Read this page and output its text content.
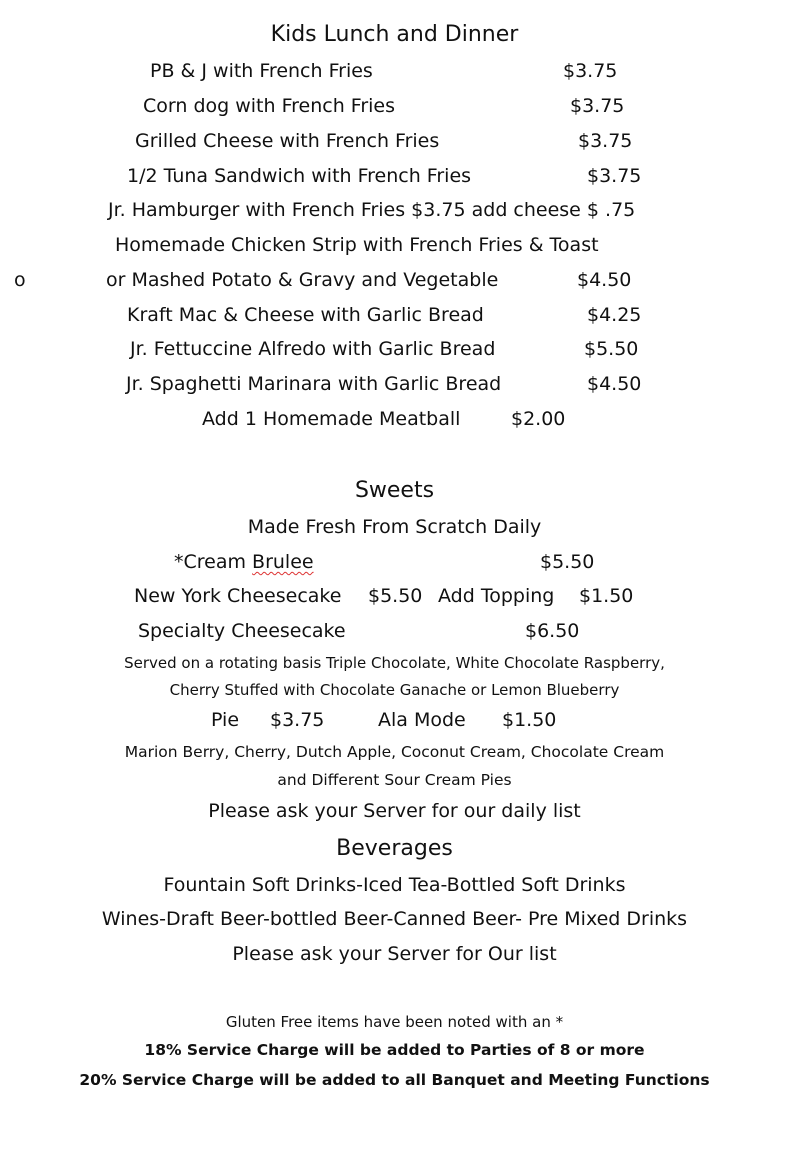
Kids Lunch and Dinner
PB & J with French Fries	$3.75
Corn dog with French Fries	$3.75
Grilled Cheese with French Fries	$3.75
1/2 Tuna Sandwich with French Fries	$3.75
Jr. Hamburger with French Fries $3.75 add cheese $ .75
Homemade Chicken Strip with French Fries & Toast
o	or Mashed Potato & Gravy and Vegetable	$4.50
Kraft Mac & Cheese with Garlic Bread	$4.25
Jr. Fettuccine Alfredo with Garlic Bread	$5.50
Jr. Spaghetti Marinara with Garlic Bread	$4.50
Add 1 Homemade Meatball	$2.00
Sweets
Made Fresh From Scratch Daily
*Cream Brulee	$5.50
New York Cheesecake $5.50 Add Topping $1.50
Specialty Cheesecake	$6.50
Served on a rotating basis Triple Chocolate, White Chocolate Raspberry,
Cherry Stuffed with Chocolate Ganache or Lemon Blueberry
Pie $3.75	Ala Mode $1.50
Marion Berry, Cherry, Dutch Apple, Coconut Cream, Chocolate Cream
and Different Sour Cream Pies
Please ask your Server for our daily list
Beverages
Fountain Soft Drinks-Iced Tea-Bottled Soft Drinks
Wines-Draft Beer-bottled Beer-Canned Beer- Pre Mixed Drinks
Please ask your Server for Our list
Gluten Free items have been noted with an *
18% Service Charge will be added to Parties of 8 or more
20% Service Charge will be added to all Banquet and Meeting Functions
